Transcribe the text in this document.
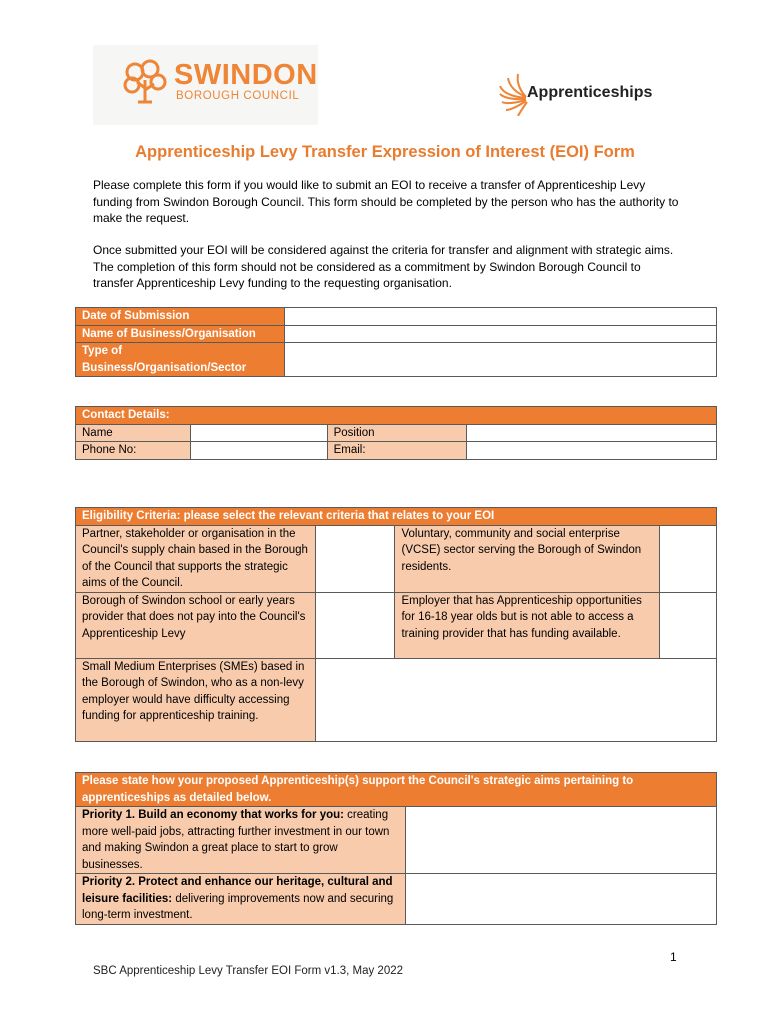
SWINDON
BOROUGH COUNCIL	Apprenticeships
Apprenticeship Levy Transfer Expression of Interest (EOI) Form
Please complete this form if you would like to submit an EOI to receive a transfer of Apprenticeship Levy funding from Swindon Borough Council. This form should be completed by the person who has the authority to make the request.
Once submitted your EOI will be considered against the criteria for transfer and alignment with strategic aims. The completion of this form should not be considered as a commitment by Swindon Borough Council to transfer Apprenticeship Levy funding to the requesting organisation.
Date of Submission	
Name of Business/Organisation	
Type of Business/Organisation/Sector	
Contact Details:			
Name		Position	
Phone No:		Email:	
Eligibility Criteria: please select the relevant criteria that relates to your EOI			
Partner, stakeholder or organisation in the Council's supply chain based in the Borough of the Council that supports the strategic aims of the Council.		Voluntary, community and social enterprise (VCSE) sector serving the Borough of Swindon residents.	
Borough of Swindon school or early years provider that does not pay into the Council's Apprenticeship Levy		Employer that has Apprenticeship opportunities for 16-18 year olds but is not able to access a training provider that has funding available.	
Small Medium Enterprises (SMEs) based in the Borough of Swindon, who as a non-levy employer would have difficulty accessing funding for apprenticeship training.			
Please state how your proposed Apprenticeship(s) support the Council's strategic aims pertaining to apprenticeships as detailed below.	
Priority 1. Build an economy that works for you: creating more well-paid jobs, attracting further investment in our town and making Swindon a great place to start to grow businesses.	
Priority 2. Protect and enhance our heritage, cultural and leisure facilities: delivering improvements now and securing long-term investment.	
1
SBC Apprenticeship Levy Transfer EOI Form v1.3, May 2022
